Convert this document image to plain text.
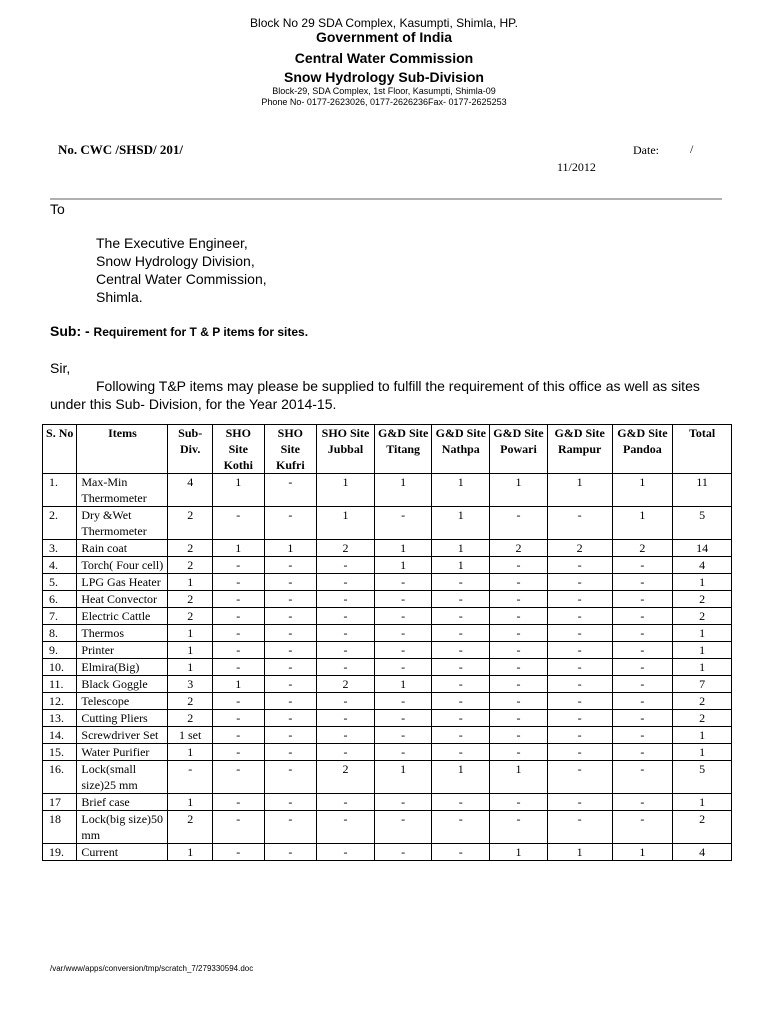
Block No 29 SDA Complex, Kasumpti, Shimla, HP.
Government of India
Central Water Commission
Snow Hydrology Sub-Division
Block-29, SDA Complex, 1st Floor, Kasumpti, Shimla-09
Phone No- 0177-2623026, 0177-2626236Fax- 0177-2625253
No. CWC /SHSD/ 201/	Date:	/
11/2012
To
The Executive Engineer,
Snow Hydrology Division,
Central Water Commission,
Shimla.
Sub: - Requirement for T & P items for sites.
Sir,
Following T&P items may please be supplied to fulfill the requirement of this office as well as sites under this Sub- Division, for the Year 2014-15.
S. No	Items	Sub-Div.	SHO Site Kothi	SHO Site Kufri	SHO Site Jubbal	G&D Site Titang	G&D Site Nathpa	G&D Site Powari	G&D Site Rampur	G&D Site Pandoa	Total
1.	Max-Min Thermometer	4	1	-	1	1	1	1	1	1	11
2.	Dry &Wet Thermometer	2	-	-	1	-	1	-	-	1	5
3.	Rain coat	2	1	1	2	1	1	2	2	2	14
4.	Torch( Four cell)	2	-	-	-	1	1	-	-	-	4
5.	LPG Gas Heater	1	-	-	-	-	-	-	-	-	1
6.	Heat Convector	2	-	-	-	-	-	-	-	-	2
7.	Electric Cattle	2	-	-	-	-	-	-	-	-	2
8.	Thermos	1	-	-	-	-	-	-	-	-	1
9.	Printer	1	-	-	-	-	-	-	-	-	1
10.	Elmira(Big)	1	-	-	-	-	-	-	-	-	1
11.	Black Goggle	3	1	-	2	1	-	-	-	-	7
12.	Telescope	2	-	-	-	-	-	-	-	-	2
13.	Cutting Pliers	2	-	-	-	-	-	-	-	-	2
14.	Screwdriver Set	1 set	-	-	-	-	-	-	-	-	1
15.	Water Purifier	1	-	-	-	-	-	-	-	-	1
16.	Lock(small size)25 mm	-	-	-	2	1	1	1	-	-	5
17	Brief case	1	-	-	-	-	-	-	-	-	1
18	Lock(big size)50 mm	2	-	-	-	-	-	-	-	-	2
19.	Current	1	-	-	-	-	-	1	1	1	4
/var/www/apps/conversion/tmp/scratch_7/279330594.doc
